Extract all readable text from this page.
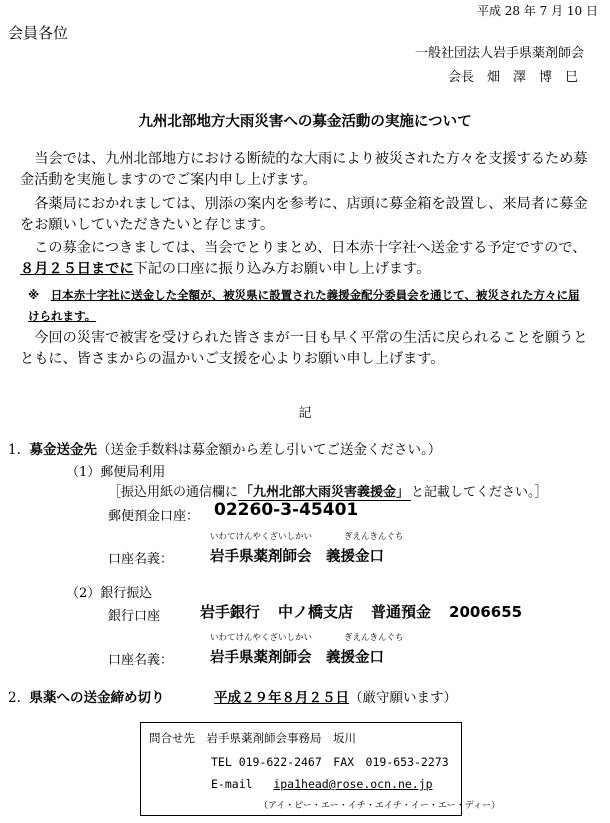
平成 28 年 7 月 10 日
会員各位
一般社団法人岩手県薬剤師会
会長　畑　澤　博　巳
九州北部地方大雨災害への募金活動の実施について
　当会では、九州北部地方における断続的な大雨により被災された方々を支援するため募金活動を実施しますのでご案内申し上げます。
　各薬局におかれましては、別添の案内を参考に、店頭に募金箱を設置し、来局者に募金をお願いしていただきたいと存じます。
　この募金につきましては、当会でとりまとめ、日本赤十字社へ送金する予定ですので、８月２５日までに下記の口座に振り込み方お願い申し上げます。
※　 日本赤十字社に送金した全額が、被災県に設置された義援金配分委員会を通じて、被災された方々に届けられます。
　今回の災害で被害を受けられた皆さまが一日も早く平常の生活に戻られることを願うとともに、皆さまからの温かいご支援を心よりお願い申し上げます。
記
1. 募金送金先（送金手数料は募金額から差し引いてご送金ください。）
（1）郵便局利用
［振込用紙の通信欄に 「九州北部大雨災害義援金」 と記載してください。］
郵便預金口座： 02260-3-45401
いわてけんやくざいしかい	ぎえんきんぐち
口座名義：	岩手県薬剤師会　義援金口
（2）銀行振込
銀行口座	岩手銀行 中ノ橋支店 普通預金 2006655
いわてけんやくざいしかい	ぎえんきんぐち
口座名義：	岩手県薬剤師会　義援金口
2. 県薬への送金締め切り	平成２９年８月２５日（厳守願います）
問合せ先　岩手県薬剤師会事務局　坂川
TEL 019-622-2467　FAX　019-653-2273
E-mail ipa1head@rose.ocn.ne.jp
（アイ・ピー・エー・イチ・エイチ・イー・エー・ディー）
